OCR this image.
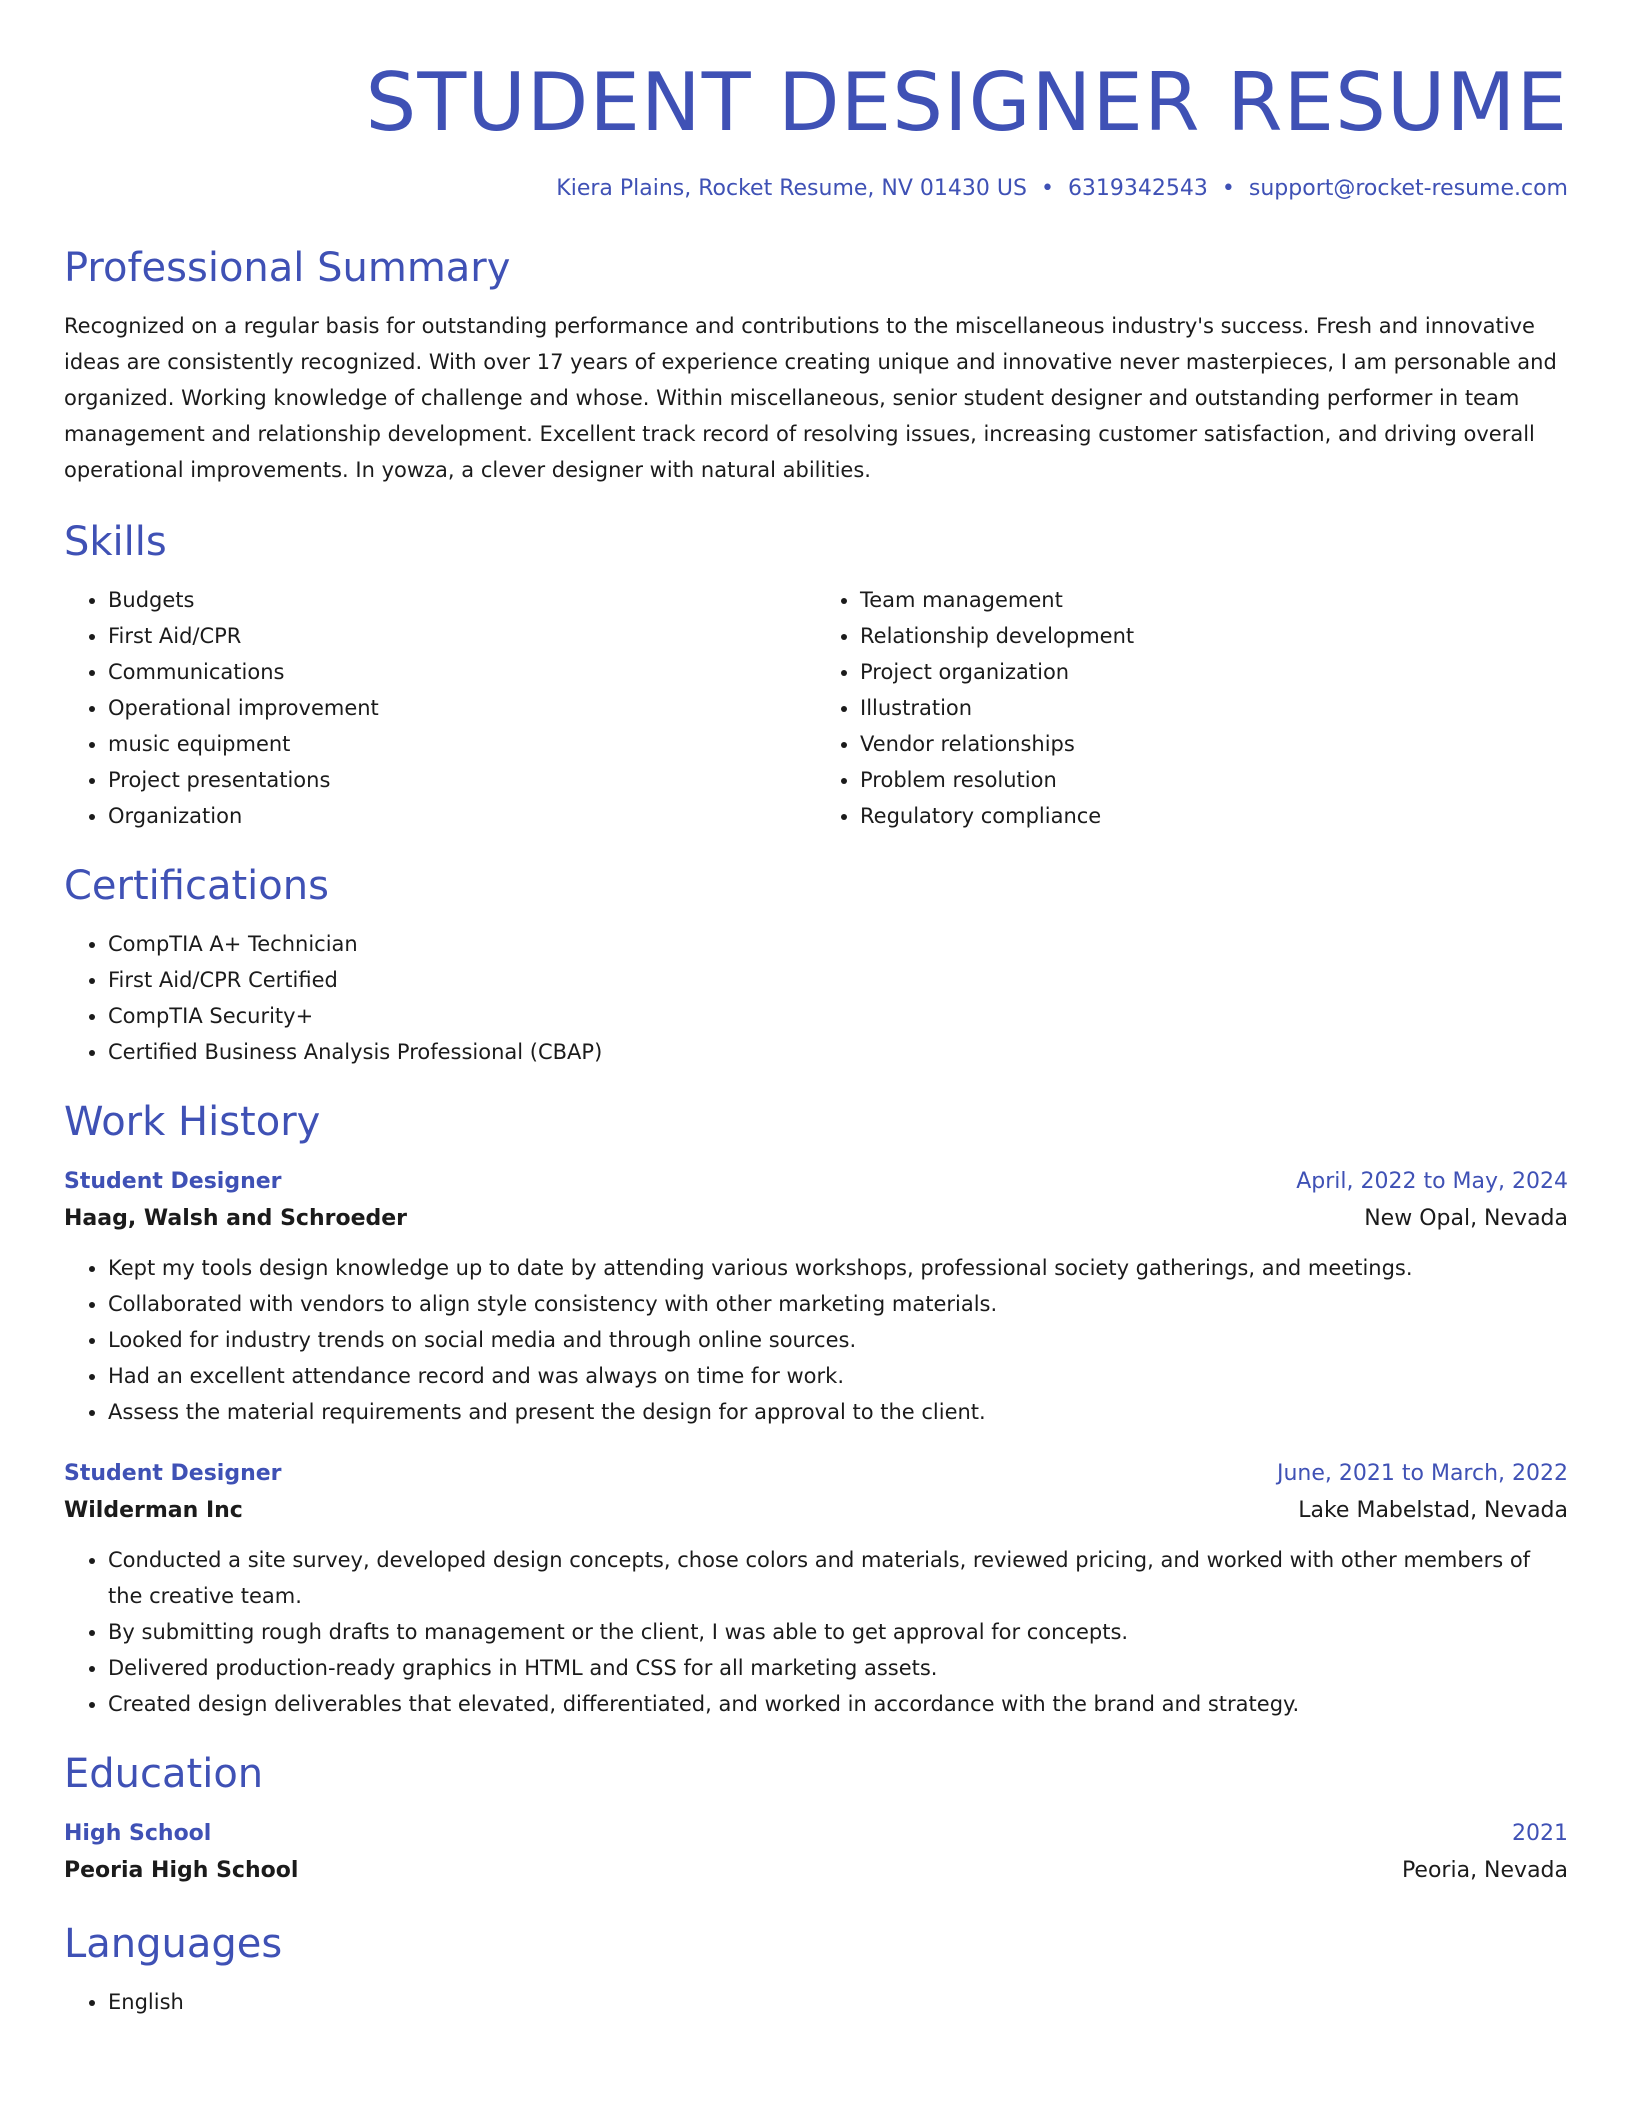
STUDENT DESIGNER RESUME
Kiera Plains, Rocket Resume, NV 01430 US • 6319342543 • support@rocket-resume.com
Professional Summary

Recognized on a regular basis for outstanding performance and contributions to the miscellaneous industry's success. Fresh and innovative ideas are consistently recognized. With over 17 years of experience creating unique and innovative never masterpieces, I am personable and organized. Working knowledge of challenge and whose. Within miscellaneous, senior student designer and outstanding performer in team management and relationship development. Excellent track record of resolving issues, increasing customer satisfaction, and driving overall operational improvements. In yowza, a clever designer with natural abilities.

Skills
• Budgets
• First Aid/CPR
• Communications
• Operational improvement
• music equipment
• Project presentations
• Organization
• Team management
• Relationship development
• Project organization
• Illustration
• Vendor relationships
• Problem resolution
• Regulatory compliance
Certifications
• CompTIA A+ Technician
• First Aid/CPR Certified
• CompTIA Security+
• Certified Business Analysis Professional (CBAP)
Work History
Student Designer	April, 2022 to May, 2024
Haag, Walsh and Schroeder	New Opal, Nevada
• Kept my tools design knowledge up to date by attending various workshops, professional society gatherings, and meetings.
• Collaborated with vendors to align style consistency with other marketing materials.
• Looked for industry trends on social media and through online sources.
• Had an excellent attendance record and was always on time for work.
• Assess the material requirements and present the design for approval to the client.
Student Designer	June, 2021 to March, 2022
Wilderman Inc	Lake Mabelstad, Nevada
• Conducted a site survey, developed design concepts, chose colors and materials, reviewed pricing, and worked with other members of the creative team.
• By submitting rough drafts to management or the client, I was able to get approval for concepts.
• Delivered production-ready graphics in HTML and CSS for all marketing assets.
• Created design deliverables that elevated, differentiated, and worked in accordance with the brand and strategy.
Education
High School	2021
Peoria High School	Peoria, Nevada
Languages
• English
